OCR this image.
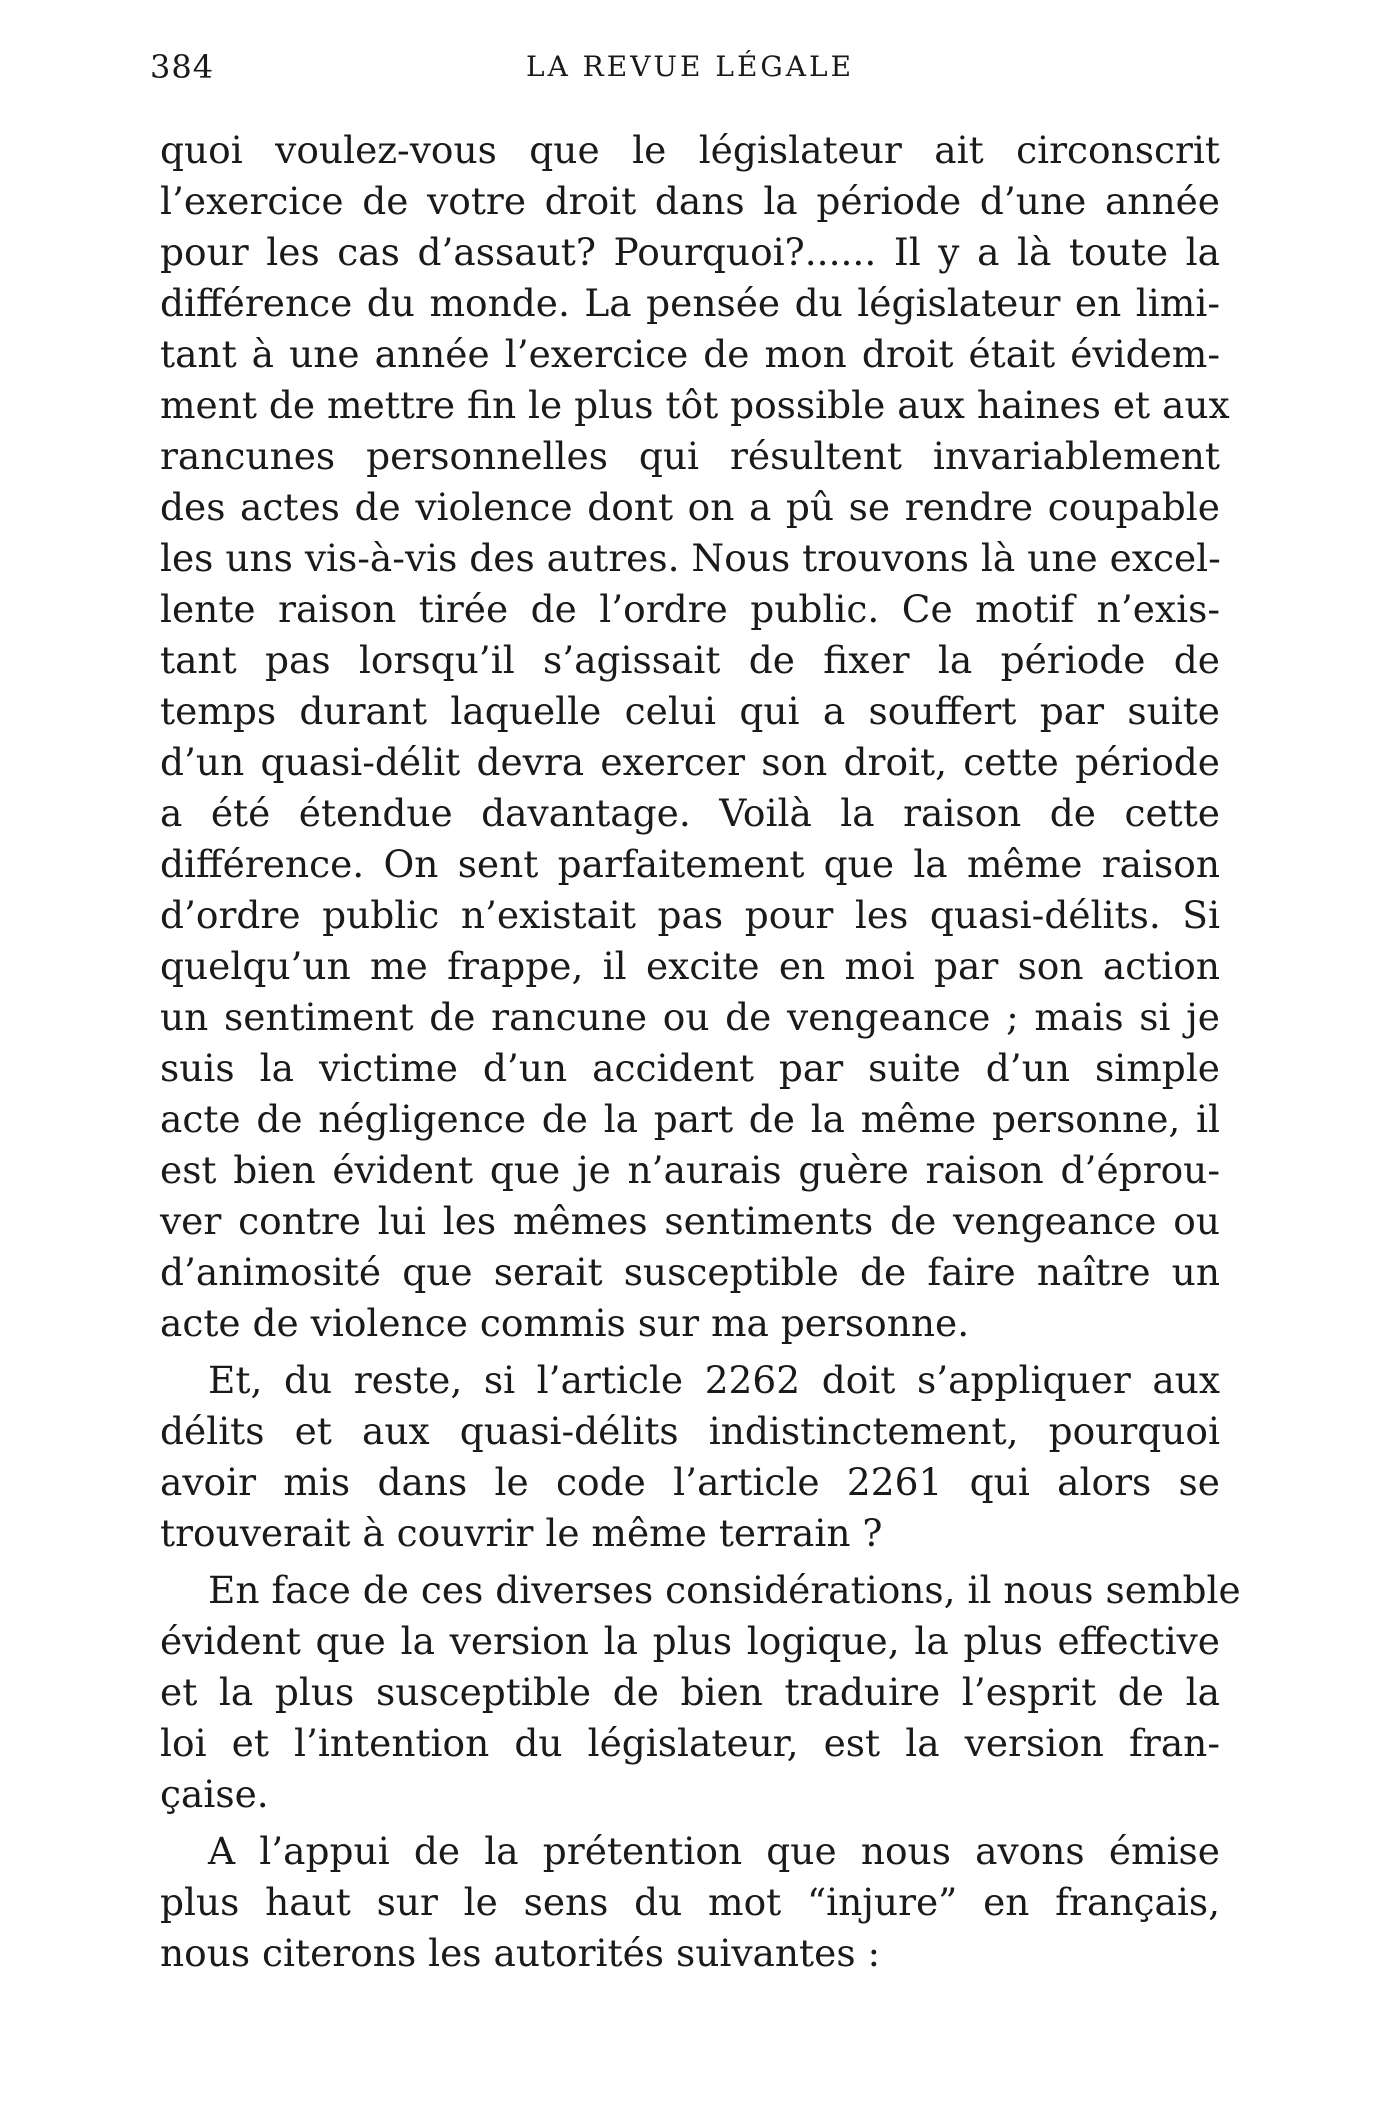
384	LA REVUE LÉGALE

quoi voulez-vous que le législateur ait circonscrit
l’exercice de votre droit dans la période d’une année
pour les cas d’assaut? Pourquoi?...... Il y a là toute la
différence du monde. La pensée du législateur en limi-
tant à une année l’exercice de mon droit était évidem-
ment de mettre fin le plus tôt possible aux haines et aux
rancunes personnelles qui résultent invariablement
des actes de violence dont on a pû se rendre coupable
les uns vis-à-vis des autres. Nous trouvons là une excel-
lente raison tirée de l’ordre public. Ce motif n’exis-
tant pas lorsqu’il s’agissait de fixer la période de
temps durant laquelle celui qui a souffert par suite
d’un quasi-délit devra exercer son droit, cette période
a été étendue davantage. Voilà la raison de cette
différence. On sent parfaitement que la même raison
d’ordre public n’existait pas pour les quasi-délits. Si
quelqu’un me frappe, il excite en moi par son action
un sentiment de rancune ou de vengeance ; mais si je
suis la victime d’un accident par suite d’un simple
acte de négligence de la part de la même personne, il
est bien évident que je n’aurais guère raison d’éprou-
ver contre lui les mêmes sentiments de vengeance ou
d’animosité que serait susceptible de faire naître un
acte de violence commis sur ma personne.

Et, du reste, si l’article 2262 doit s’appliquer aux
délits et aux quasi-délits indistinctement, pourquoi
avoir mis dans le code l’article 2261 qui alors se
trouverait à couvrir le même terrain ?

En face de ces diverses considérations, il nous semble
évident que la version la plus logique, la plus effective
et la plus susceptible de bien traduire l’esprit de la
loi et l’intention du législateur, est la version fran-
çaise.

A l’appui de la prétention que nous avons émise
plus haut sur le sens du mot “injure” en français,
nous citerons les autorités suivantes :
